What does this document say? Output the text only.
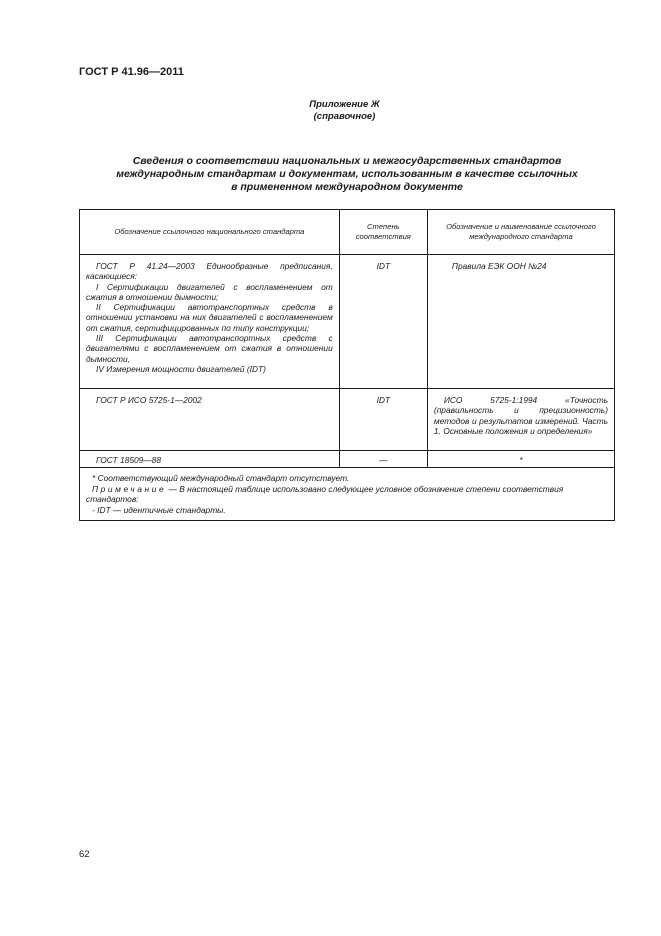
ГОСТ Р 41.96—2011
Приложение Ж
(справочное)
Сведения о соответствии национальных и межгосударственных стандартов
международным стандартам и документам, использованным в качестве ссылочных
в примененном международном документе
Обозначение ссылочного национального стандарта	Степень соответствия	Обозначение и наименование ссылочного международного стандарта

ГОСТ Р 41.24—2003 Единообразные предписания, касающиеся:

I Сертификации двигателей с воспламенением от сжатия в отношении дымности;

II Сертификации автотранспортных средств в отношении установки на них двигателей с воспламенением от сжатия, сертифицированных по типу конструкции;

III Сертификации автотранспортных средств с двигателями с воспламенением от сжатия в отношении дымности,

IV Измерения мощности двигателей (IDT)	IDT	Правила ЕЭК ООН №24

ГОСТ Р ИСО 5725-1—2002	IDT	ИСО 5725-1:1994 «Точность (правильность и прецизионность) методов и результатов измерений. Часть 1. Основные положения и определения»

ГОСТ 18509—88	—	*

* Соответствующий международный стандарт отсутствует.

Примечание — В настоящей таблице использовано следующее условное обозначение степени соответствия стандартов:

- IDT — идентичные стандарты.		

62
